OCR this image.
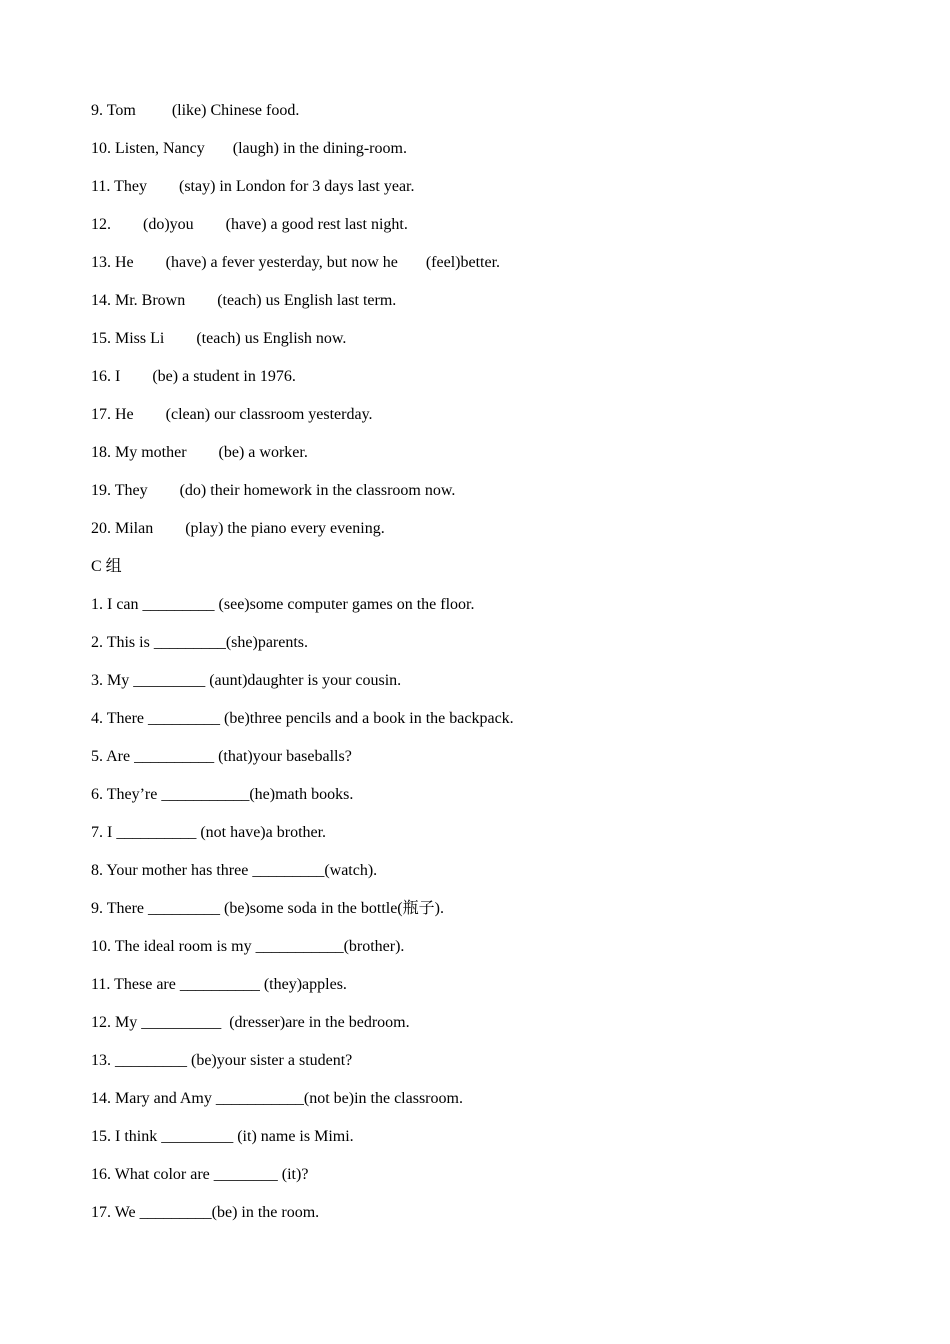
9. Tom         (like) Chinese food.
10. Listen, Nancy       (laugh) in the dining-room.
11. They        (stay) in London for 3 days last year.
12.        (do)you        (have) a good rest last night.
13. He        (have) a fever yesterday, but now he       (feel)better.
14. Mr. Brown        (teach) us English last term.
15. Miss Li        (teach) us English now.
16. I        (be) a student in 1976.
17. He        (clean) our classroom yesterday.
18. My mother        (be) a worker.
19. They        (do) their homework in the classroom now.
20. Milan        (play) the piano every evening.
C 组
1. I can _________ (see)some computer games on the floor.
2. This is _________(she)parents.
3. My _________ (aunt)daughter is your cousin.
4. There _________ (be)three pencils and a book in the backpack.
5. Are __________ (that)your baseballs?
6. They’re ___________(he)math books.
7. I __________ (not have)a brother.
8. Your mother has three _________(watch).
9. There _________ (be)some soda in the bottle(瓶子).
10. The ideal room is my ___________(brother).
11. These are __________ (they)apples.
12. My __________  (dresser)are in the bedroom.
13. _________ (be)your sister a student?
14. Mary and Amy ___________(not be)in the classroom.
15. I think _________ (it) name is Mimi.
16. What color are ________ (it)?
17. We _________(be) in the room.
